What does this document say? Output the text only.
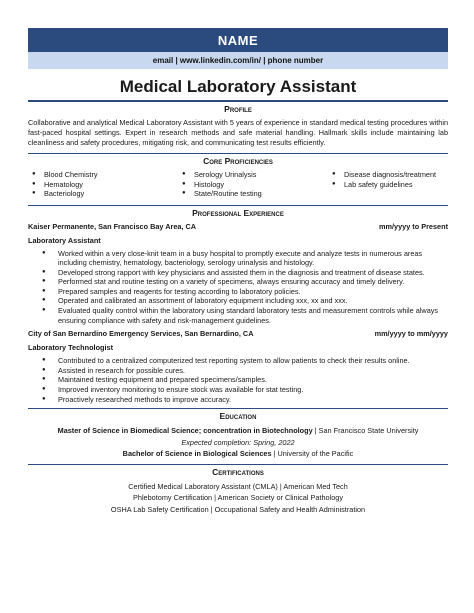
NAME
email | www.linkedin.com/in/ | phone number
Medical Laboratory Assistant
Profile

Collaborative and analytical Medical Laboratory Assistant with 5 years of experience in standard medical testing procedures within fast-paced hospital settings. Expert in research methods and safe material handling. Hallmark skills include maintaining lab cleanliness and safety procedures, mitigating risk, and communicating test results efficiently.

Core Proficiencies
● Blood Chemistry
● Hematology
● Bacteriology
● Serology Urinalysis
● Histology
● State/Routine testing
● Disease diagnosis/treatment
● Lab safety guidelines
Professional Experience
Kaiser Permanente, San Francisco Bay Area, CA	mm/yyyy to Present
Laboratory Assistant
● Worked within a very close-knit team in a busy hospital to promptly execute and analyze tests in numerous areas including chemistry, hematology, bacteriology, serology urinalysis and histology.
● Developed strong rapport with key physicians and assisted them in the diagnosis and treatment of disease states.
● Performed stat and routine testing on a variety of specimens, always ensuring accuracy and timely delivery.
● Prepared samples and reagents for testing according to laboratory policies.
● Operated and calibrated an assortment of laboratory equipment including xxx, xx and xxx.
● Evaluated quality control within the laboratory using standard laboratory tests and measurement controls while always ensuring compliance with safety and risk-management guidelines.
City of San Bernardino Emergency Services, San Bernardino, CA	mm/yyyy to mm/yyyy
Laboratory Technologist
● Contributed to a centralized computerized test reporting system to allow patients to check their results online.
● Assisted in research for possible cures.
● Maintained testing equipment and prepared specimens/samples.
● Improved inventory monitoring to ensure stock was available for stat testing.
● Proactively researched methods to improve accuracy.
Education
Master of Science in Biomedical Science; concentration in Biotechnology | San Francisco State University
Expected completion: Spring, 2022
Bachelor of Science in Biological Sciences | University of the Pacific
Certifications
Certified Medical Laboratory Assistant (CMLA) | American Med Tech
Phlebotomy Certification | American Society or Clinical Pathology
OSHA Lab Safety Certification | Occupational Safety and Health Administration
